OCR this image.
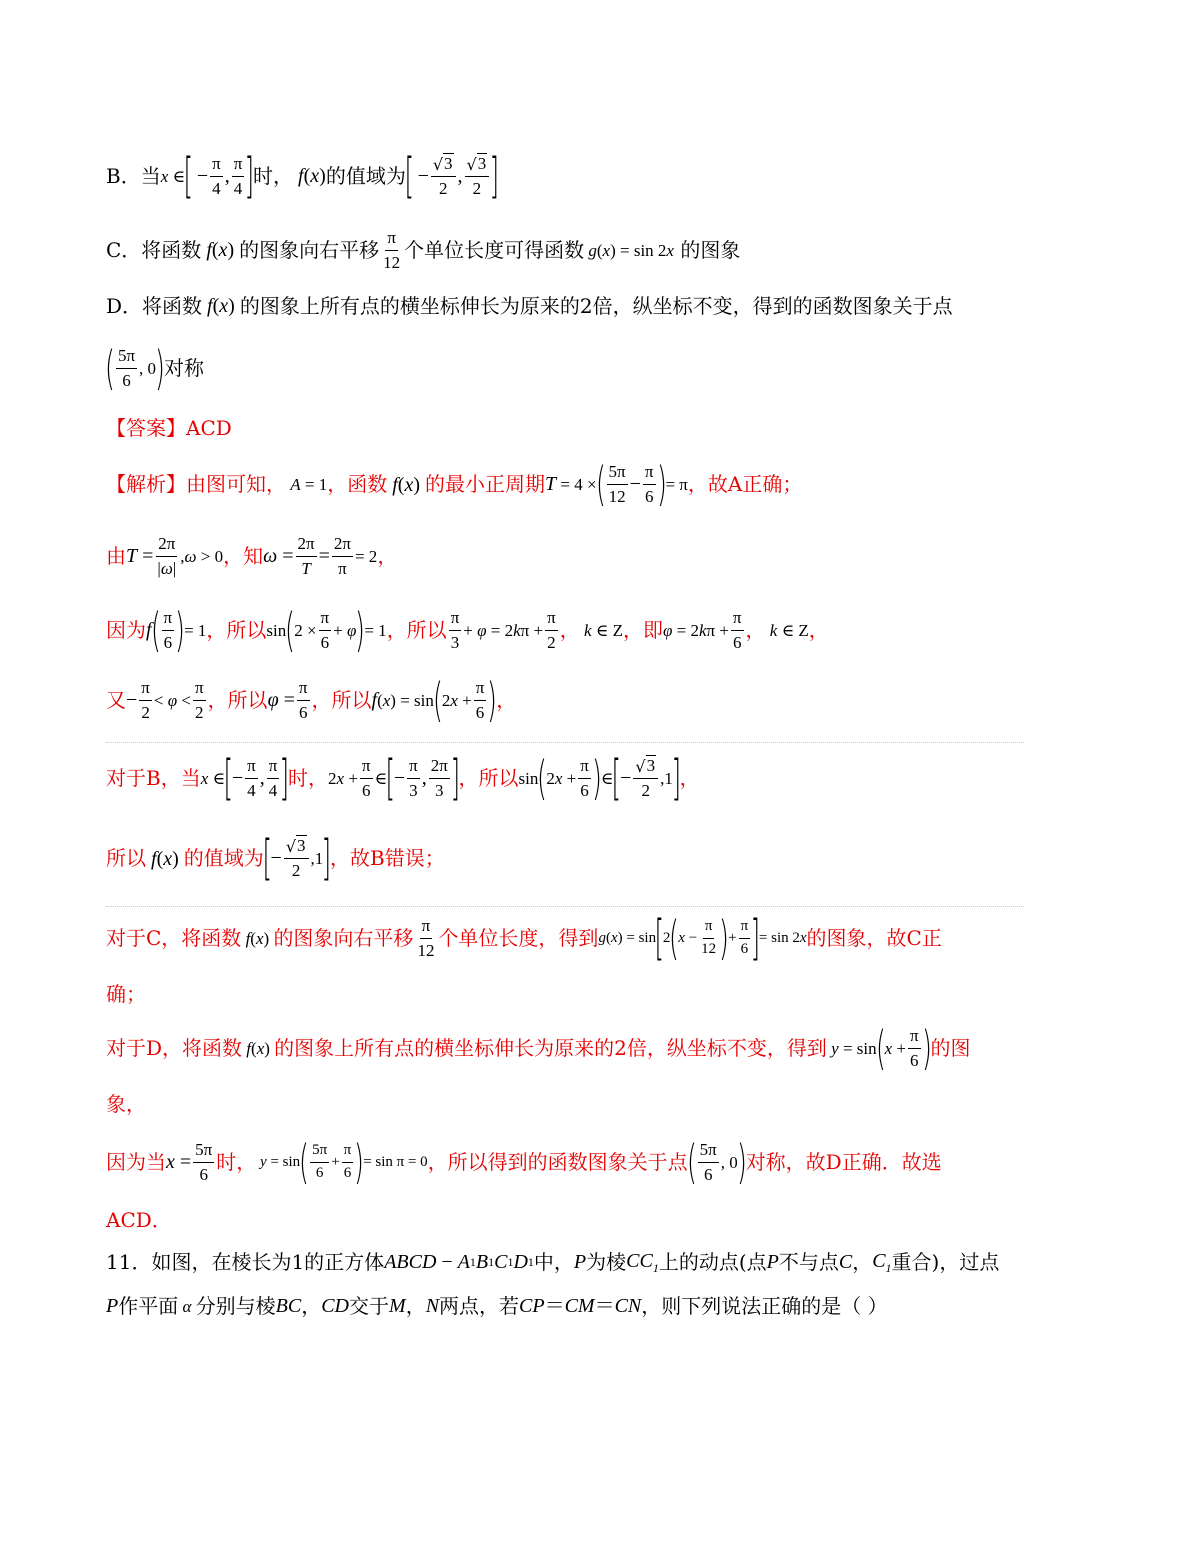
B．当 x ∈
[
− $\frac{\pi}{4}$ ,
π
4 ]
时， f ( x ) 的值域为
[
− $\frac{√ 3}{2}$ ,
√ 3
2 ]
C．将函数 f ( x ) 的图象向右平移
π
12 个单位长度可得函数 g ( x ) = sin 2 x
的图象
D．将函数 f ( x ) 的图象上所有点的横坐标伸长为原来的2倍，纵坐标不变，得到的函数图象关于点
( 5π
6
, 0 ) 对称
【答案】ACD
【解析】 由图可知， A = 1 ，函数 f(x) 的最小正周期 T = 4 × ( 5π
12
− $\frac{\pi}{6}$ ) = π ，故A正确；
由 $T = \frac{2\pi}{|\omega|} ,\omega > 0$ ，知 $\omega = \frac{2\pi}{T} = \frac{2\pi}{\pi} = 2$ ，
因为 f ( π
6 ) = 1 ，所以 sin ( $2 \times \frac{\pi}{6} + \varphi$ ) = 1 ，所以
π
3
+ $\varphi = 2k\pi + \frac{\pi}{2}$ ， k ∈ Z ，即 $\varphi = 2k\pi + \frac{\pi}{6}$ ， k ∈ Z ，
又 − $\frac{\pi}{2} < \varphi$ <
π
2 ，所以 $\varphi = \frac{\pi}{6}$ ，所以 f (x) = sin ( $2x + \frac{\pi}{6}$ ) ，
对于B，当 x ∈
[
− $\frac{\pi}{4}$ ,
π
4 ]
时， $2x + \frac{\pi}{6}$ ∈
[
− $\frac{\pi}{3}$ ,
2π
3 ]
，所以 sin ( $2x + \frac{\pi}{6}$ ) ∈
[
− $\frac{√ 3}{2} ,1$
]
，
所以 f(x) 的值域为
[
− $\frac{√ 3}{2} ,1$
]
，故B错误；
对于C，将函数 f(x) 的图象向右平移
π
12 个单位长度，得到 g(x) = sin
[
2 ( $x - \frac{\pi}{12}$ ) + $\frac{\pi}{6}$ ]
= sin 2x 的图象，故C正
确；
对于D，将函数 f(x) 的图象上所有点的横坐标伸长为原来的2倍，纵坐标不变，得到 y = sin ( $x + \frac{\pi}{6}$ ) 的图
象，
因为当 $x = \frac{5\pi}{6}$ 时， y = sin ( 5π
6
+ $\frac{\pi}{6}$ ) = sin π = 0 ，所以得到的函数图象关于点 ( 5π
6
, 0 ) 对称，故D正确．故选
ACD．
11．如图，在棱长为1的正方体 ABCD − A 1 B 1 C 1 D 1 中， P 为棱 $CC_1$ 上的动点(点 P 不与点 C ， $C_1$ 重合)，过点
P 作平面 α 分别与棱 BC ， CD 交于 M ， N 两点，若 CP ＝ CM ＝ CN ，则下列说法正确的是（ ）
